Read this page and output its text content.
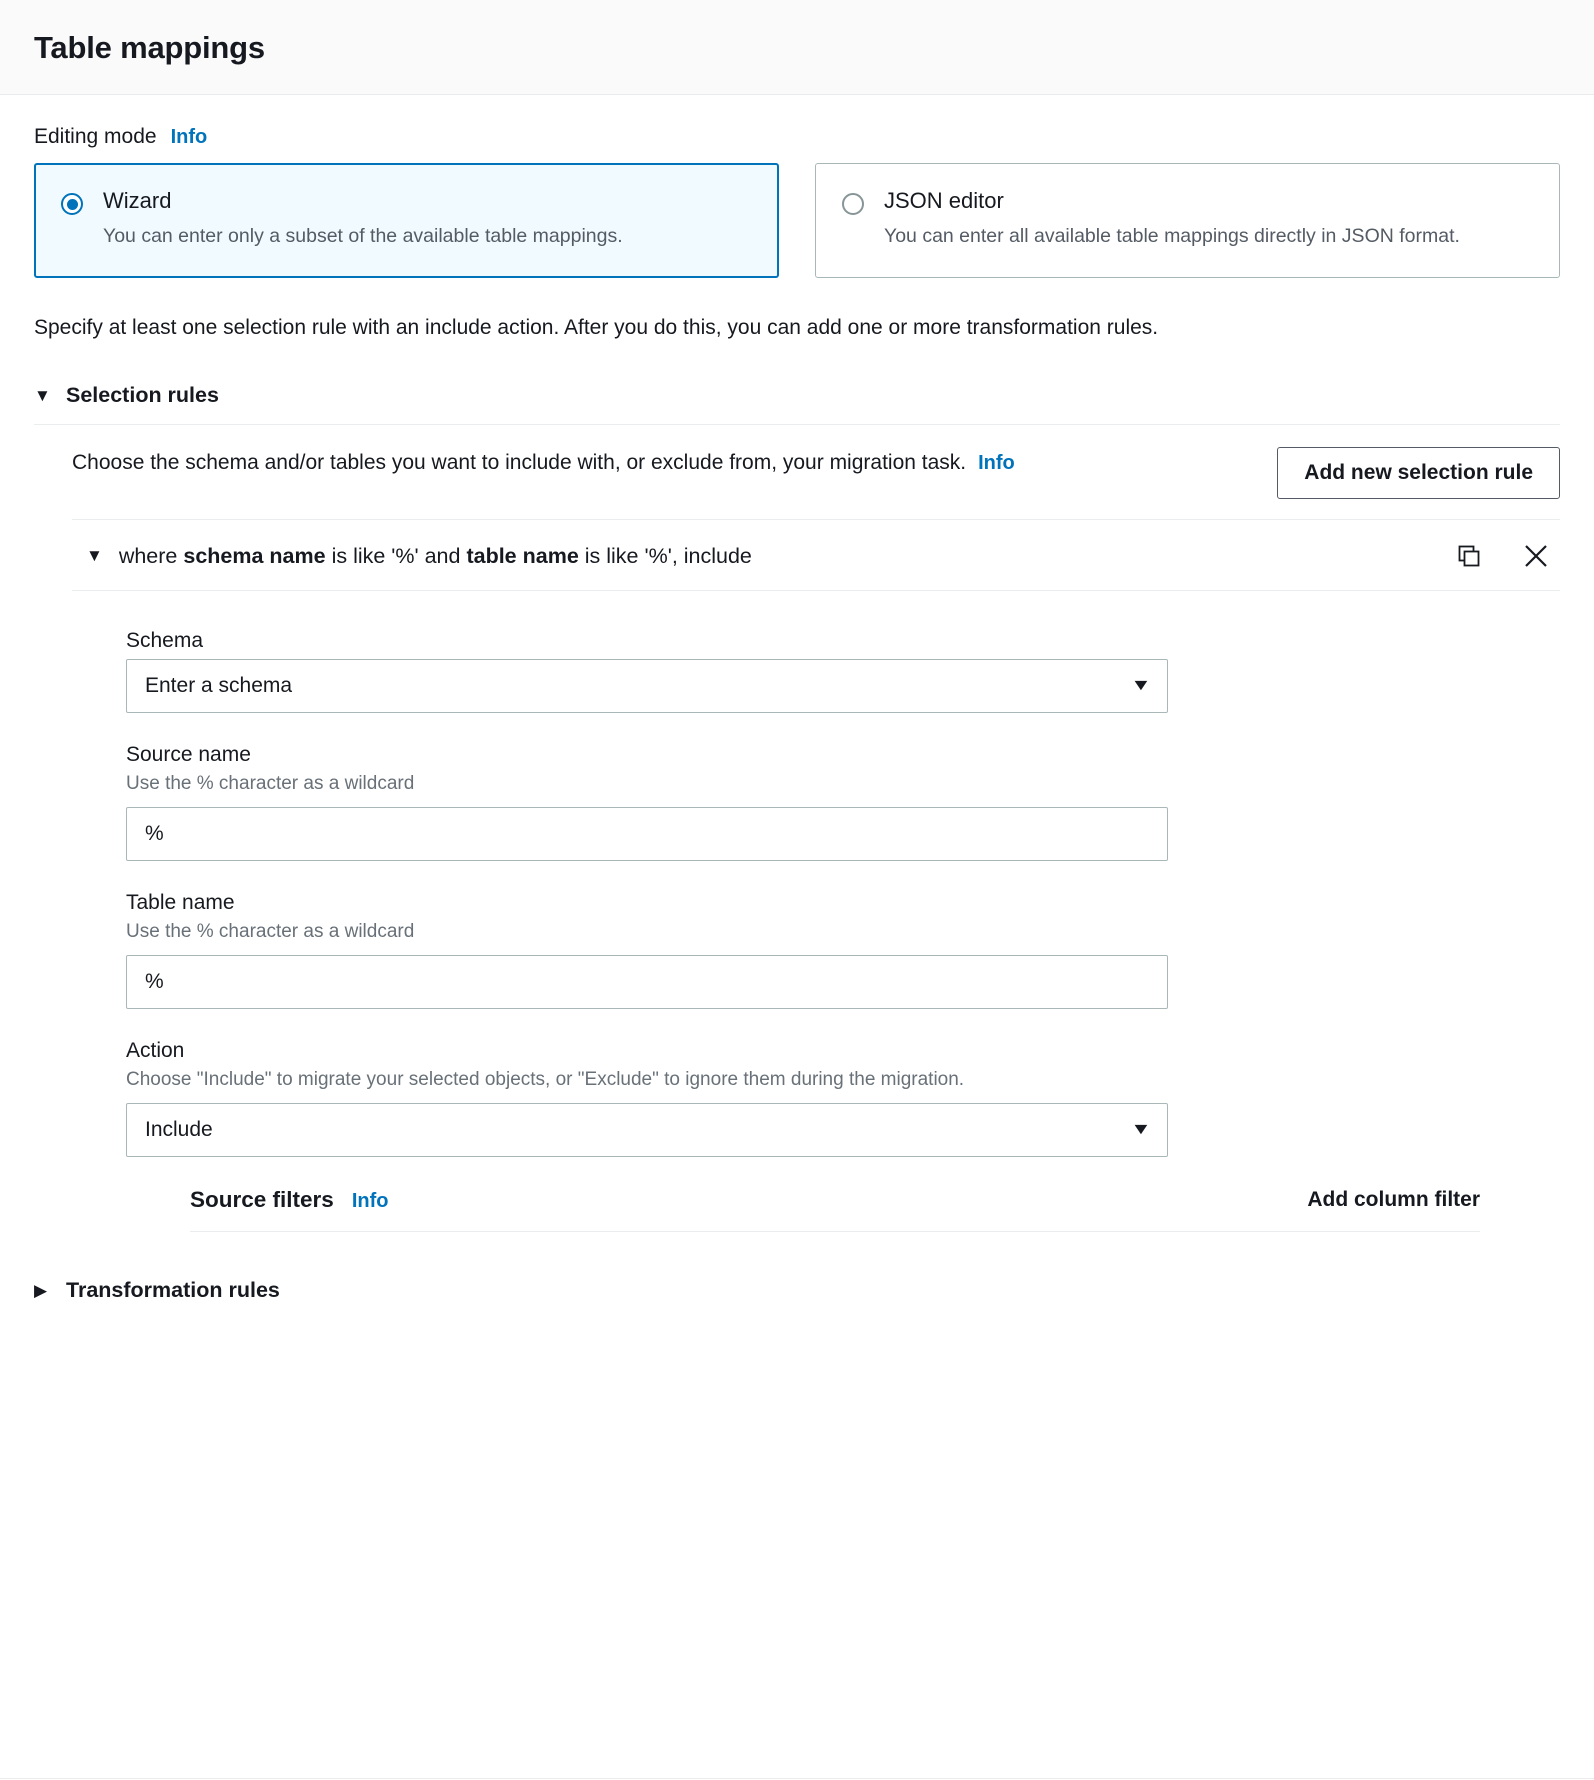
Table mappings
Editing mode Info
Wizard
You can enter only a subset of the available table mappings.
JSON editor
You can enter all available table mappings directly in JSON format.
Specify at least one selection rule with an include action. After you do this, you can add one or more transformation rules.
▼ Selection rules
Choose the schema and/or tables you want to include with, or exclude from, your migration task. Info	Add new selection rule
▼ where schema name is like '%' and table name is like '%', include
Schema
Enter a schema	▼
Source name
Use the % character as a wildcard
%
Table name
Use the % character as a wildcard
%
Action
Choose "Include" to migrate your selected objects, or "Exclude" to ignore them during the migration.
Include	▼
Source filters Info	Add column filter
▶ Transformation rules
